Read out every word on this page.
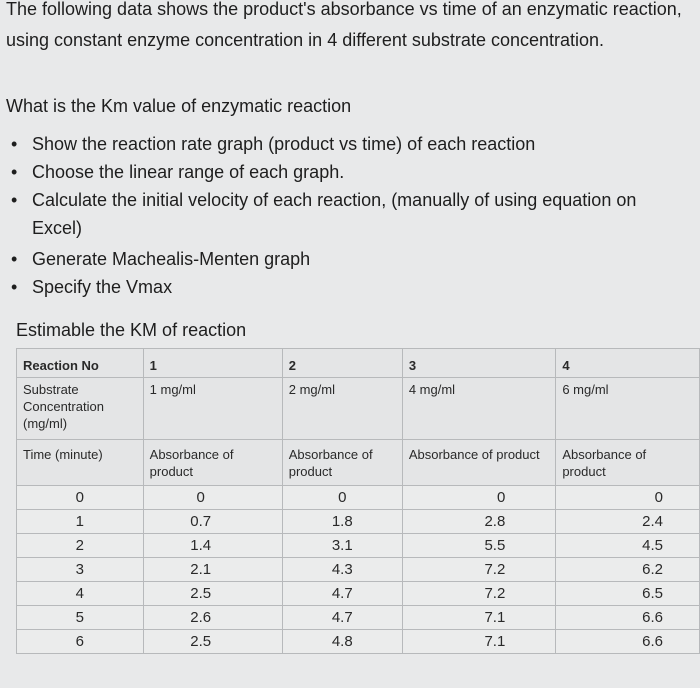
The following data shows the product's absorbance vs time of an enzymatic reaction, using constant enzyme concentration in 4 different substrate concentration.
What is the Km value of enzymatic reaction
• Show the reaction rate graph (product vs time) of each reaction
• Choose the linear range of each graph.
• Calculate the initial velocity of each reaction, (manually of using equation on Excel)
• Generate Machealis-Menten graph
• Specify the Vmax
Estimable the KM of reaction
Reaction No	1	2	3	4
Substrate Concentration (mg/ml)	1 mg/ml	2 mg/ml	4 mg/ml	6 mg/ml
Time (minute)	Absorbance of product	Absorbance of product	Absorbance of product	Absorbance of product
0	0	0	0	0
1	0.7	1.8	2.8	2.4
2	1.4	3.1	5.5	4.5
3	2.1	4.3	7.2	6.2
4	2.5	4.7	7.2	6.5
5	2.6	4.7	7.1	6.6
6	2.5	4.8	7.1	6.6
